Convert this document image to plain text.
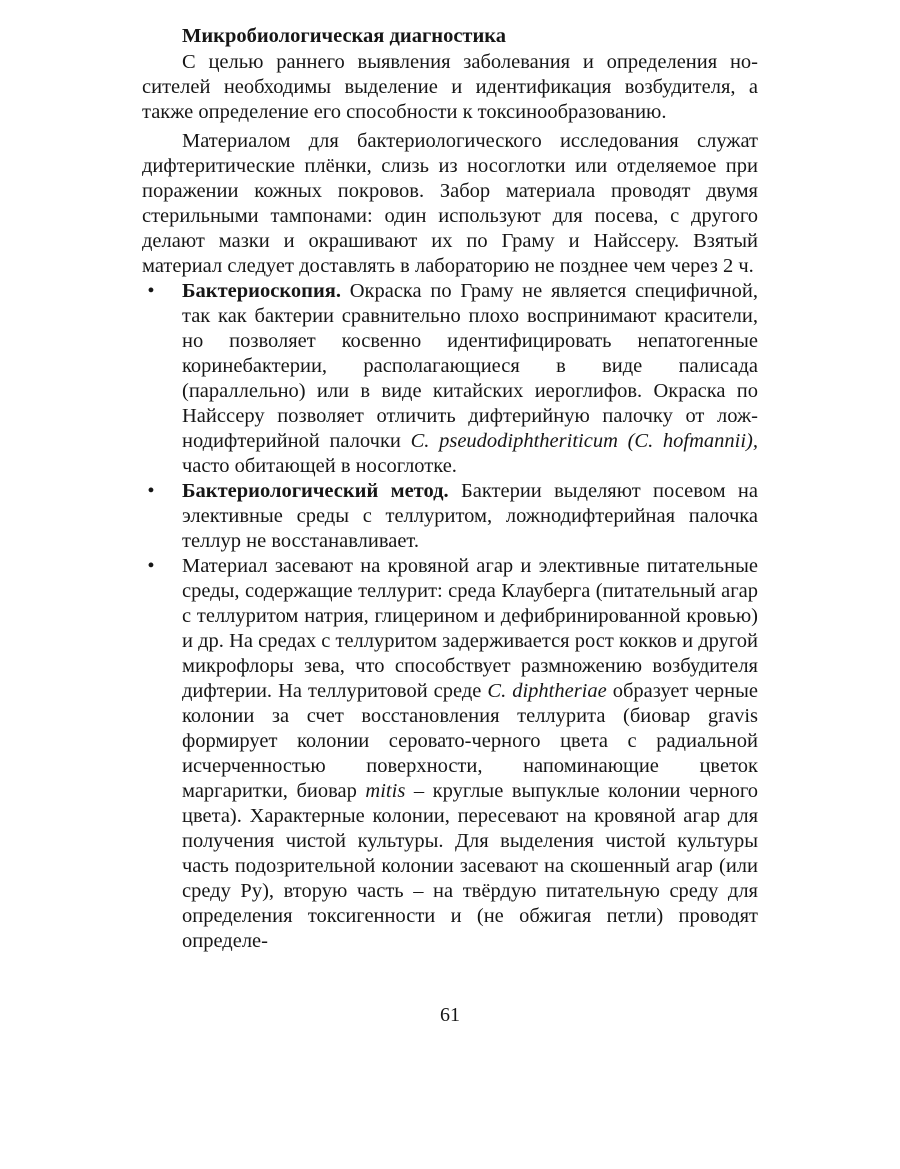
Микробиологическая диагностика

С целью раннего выявления заболевания и определения носителей необходимы выделение и идентификация возбудителя, а также определение его способности к токсинообразованию.

Материалом для бактериологического исследования служат дифтеритические плёнки, слизь из носоглотки или отделяемое при поражении кожных покровов. Забор материала проводят двумя стерильными тампонами: один используют для посева, с другого делают мазки и окрашивают их по Граму и Найссеру. Взятый материал следует доставлять в лабораторию не позднее чем через 2 ч.

• Бактериоскопия. Окраска по Граму не является специфичной, так как бактерии сравнительно плохо воспринимают красители, но позволяет косвенно идентифицировать непатогенные коринебактерии, располагающиеся в виде палисада (параллельно) или в виде китайских иероглифов. Окраска по Найссеру позволяет отличить дифтерийную палочку от ложнодифтерийной палочки C. pseudodiphtheriticum (C. hofmannii), часто обитающей в носоглотке.
• Бактериологический метод. Бактерии выделяют посевом на элективные среды с теллуритом, ложнодифтерийная палочка теллур не восстанавливает.
• Материал засевают на кровяной агар и элективные питательные среды, содержащие теллурит: среда Клауберга (питательный агар с теллуритом натрия, глицерином и дефибринированной кровью) и др. На средах с теллуритом задерживается рост кокков и другой микрофлоры зева, что способствует размножению возбудителя дифтерии. На теллуритовой среде C. diphtheriae образует черные колонии за счет восстановления теллурита (биовар gravis формирует колонии серовато-черного цвета с радиальной исчерченностью поверхности, напоминающие цветок маргаритки, биовар mitis – круглые выпуклые колонии черного цвета). Характерные колонии, пересевают на кровяной агар для получения чистой культуры. Для выделения чистой культуры часть подозрительной колонии засевают на скошенный агар (или среду Ру), вторую часть – на твёрдую питательную среду для определения токсигенности и (не обжигая петли) проводят определе-
61
